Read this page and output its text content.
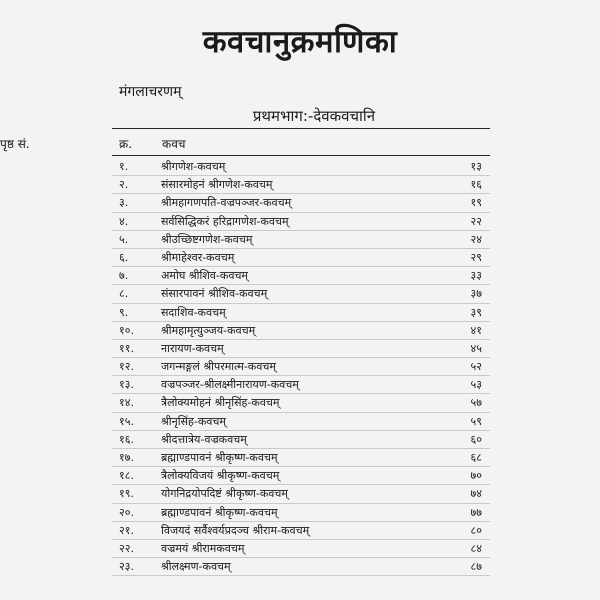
कवचानुक्रमणिका
मंगलाचरणम्
प्रथमभाग:-देवकवचानि
क्र. कवच
पृष्ठ सं.
१.	श्रीगणेश-कवचम्	१३
२.	संसारमोहनं श्रीगणेश-कवचम्	१६
३.	श्रीमहागणपति-वज्रपञ्जर-कवचम्	१९
४.	सर्वसिद्धिकरं हरिद्रागणेश-कवचम्	२२
५.	श्रीउच्छिष्टगणेश-कवचम्	२४
६.	श्रीमाहेश्वर-कवचम्	२९
७.	अमोघ श्रीशिव-कवचम्	३३
८.	संसारपावनं श्रीशिव-कवचम्	३७
९.	सदाशिव-कवचम्	३९
१०. श्रीमहामृत्युञ्जय-कवचम्	४१
११. नारायण-कवचम्	४५
१२. जगन्मङ्गलं श्रीपरमात्म-कवचम्	५२
१३. वज्रपञ्जर-श्रीलक्ष्मीनारायण-कवचम्	५३
१४. त्रैलोक्यमोहनं श्रीनृसिंह-कवचम्	५७
१५. श्रीनृसिंह-कवचम्	५९
१६. श्रीदत्तात्रेय-वज्रकवचम्	६०
१७. ब्रह्माण्डपावनं श्रीकृष्ण-कवचम्	६८
१८. त्रैलोक्यविजयं श्रीकृष्ण-कवचम्	७०
१९. योगनिद्रयोपदिष्टं श्रीकृष्ण-कवचम्	७४
२०. ब्रह्माण्डपावनं श्रीकृष्ण-कवचम्	७७
२१. विजयदं सर्वैश्वर्यप्रदञ्च श्रीराम-कवचम्	८०
२२. वज्रमयं श्रीरामकवचम्	८४
२३. श्रीलक्ष्मण-कवचम्	८७
